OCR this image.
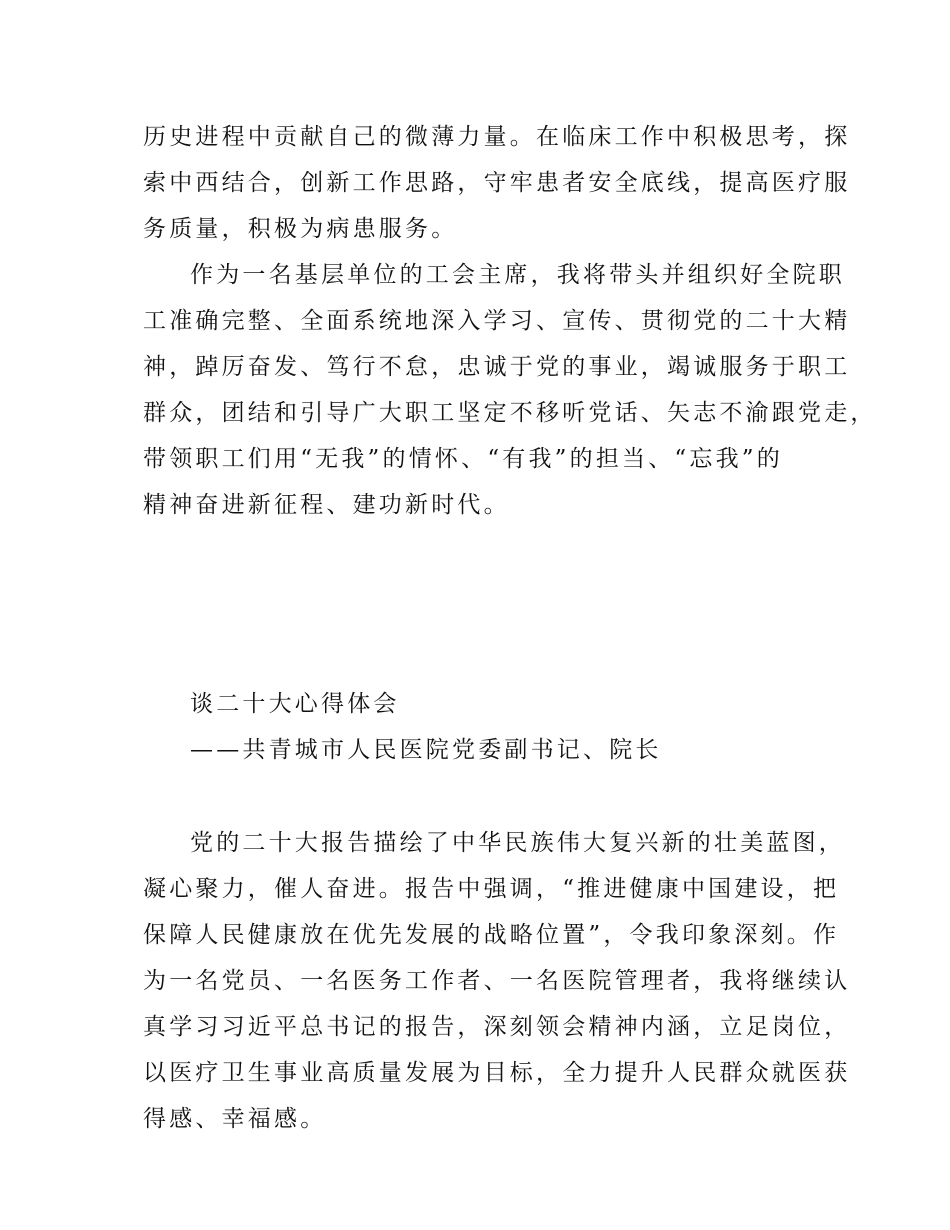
历史进程中贡献自己的微薄力量。在临床工作中积极思考，探
索中西结合，创新工作思路，守牢患者安全底线，提高医疗服
务质量，积极为病患服务。
作为一名基层单位的工会主席，我将带头并组织好全院职
工准确完整、全面系统地深入学习、宣传、贯彻党的二十大精
神，踔厉奋发、笃行不怠，忠诚于党的事业，竭诚服务于职工
群众，团结和引导广大职工坚定不移听党话、矢志不渝跟党走，
带领职工们用“无我”的情怀、“有我”的担当、“忘我”的
精神奋进新征程、建功新时代。
谈二十大心得体会
——共青城市人民医院党委副书记、院长
党的二十大报告描绘了中华民族伟大复兴新的壮美蓝图，
凝心聚力，催人奋进。报告中强调，“推进健康中国建设，把
保障人民健康放在优先发展的战略位置”，令我印象深刻。作
为一名党员、一名医务工作者、一名医院管理者，我将继续认
真学习习近平总书记的报告，深刻领会精神内涵，立足岗位，
以医疗卫生事业高质量发展为目标，全力提升人民群众就医获
得感、幸福感。
